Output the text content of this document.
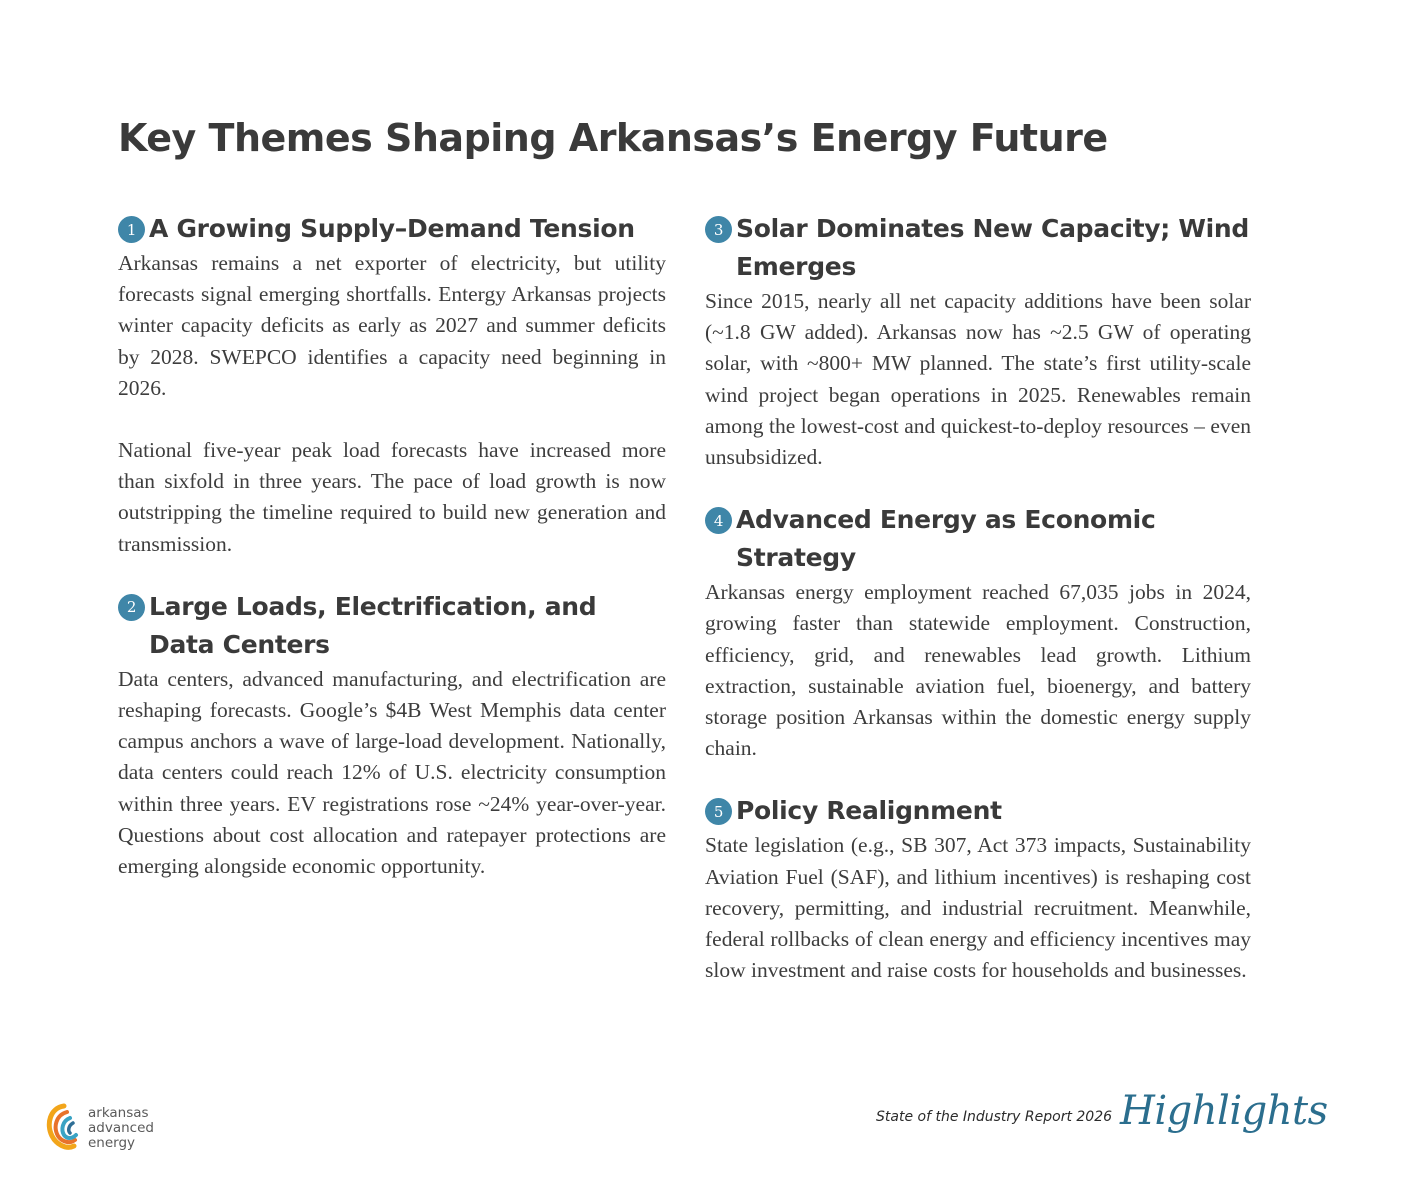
Key Themes Shaping Arkansas’s Energy Future
1 A Growing Supply–Demand Tension

Arkansas remains a net exporter of electricity, but utility forecasts signal emerging shortfalls. Entergy Arkansas projects winter capacity deficits as early as 2027 and summer deficits by 2028. SWEPCO identifies a capacity need beginning in 2026.

National five-year peak load forecasts have increased more than sixfold in three years. The pace of load growth is now outstripping the timeline required to build new generation and transmission.

2 Large Loads, Electrification, and Data Centers

Data centers, advanced manufacturing, and electrification are reshaping forecasts. Google’s $4B West Memphis data center campus anchors a wave of large-load development. Nationally, data centers could reach 12% of U.S. electricity consumption within three years. EV registrations rose ~24% year-over-year. Questions about cost allocation and ratepayer protections are emerging alongside economic opportunity.

3 Solar Dominates New Capacity; Wind Emerges

Since 2015, nearly all net capacity additions have been solar (~1.8 GW added). Arkansas now has ~2.5 GW of operating solar, with ~800+ MW planned. The state’s first utility-scale wind project began operations in 2025. Renewables remain among the lowest-cost and quickest-to-deploy resources – even unsubsidized.

4 Advanced Energy as Economic Strategy

Arkansas energy employment reached 67,035 jobs in 2024, growing faster than statewide employment. Construction, efficiency, grid, and renewables lead growth. Lithium extraction, sustainable aviation fuel, bioenergy, and battery storage position Arkansas within the domestic energy supply chain.

5 Policy Realignment

State legislation (e.g., SB 307, Act 373 impacts, Sustainability Aviation Fuel (SAF), and lithium incentives) is reshaping cost recovery, permitting, and industrial recruitment. Meanwhile, federal rollbacks of clean energy and efficiency incentives may slow investment and raise costs for households and businesses.

arkansas
advanced
energy
State of the Industry Report 2026 Highlights
